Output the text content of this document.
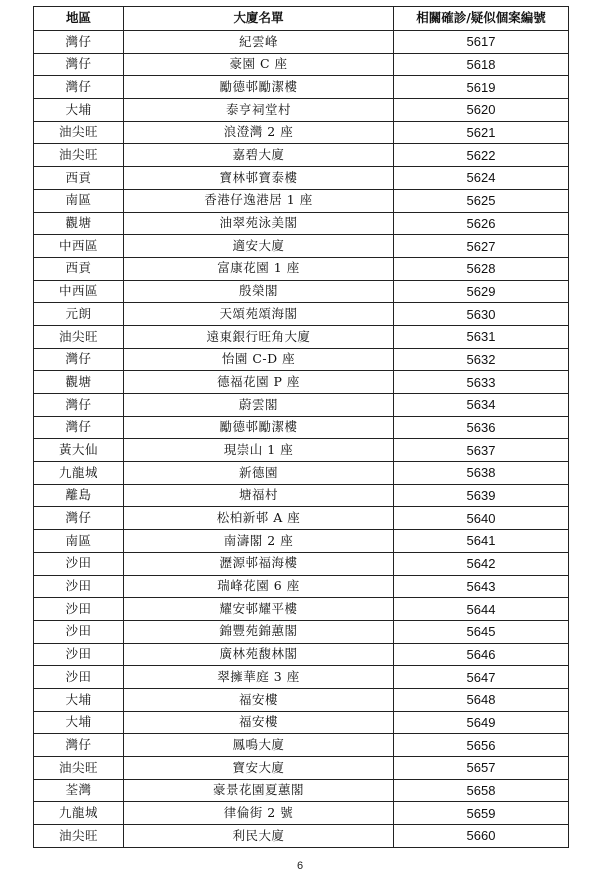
地區	大廈名單	相關確診/疑似個案編號
灣仔	紀雲峰	5617
灣仔	豪園 C 座	5618
灣仔	勵德邨勵潔樓	5619
大埔	泰亨祠堂村	5620
油尖旺	浪澄灣 2 座	5621
油尖旺	嘉碧大廈	5622
西貢	寶林邨寶泰樓	5624
南區	香港仔逸港居 1 座	5625
觀塘	油翠苑泳美閣	5626
中西區	適安大廈	5627
西貢	富康花園 1 座	5628
中西區	殷榮閣	5629
元朗	天頌苑頌海閣	5630
油尖旺	遠東銀行旺角大廈	5631
灣仔	怡園 C-D 座	5632
觀塘	德福花園 P 座	5633
灣仔	蔚雲閣	5634
灣仔	勵德邨勵潔樓	5636
黃大仙	現崇山 1 座	5637
九龍城	新德園	5638
離島	塘福村	5639
灣仔	松柏新邨 A 座	5640
南區	南濤閣 2 座	5641
沙田	瀝源邨福海樓	5642
沙田	瑞峰花園 6 座	5643
沙田	耀安邨耀平樓	5644
沙田	錦豐苑錦蕙閣	5645
沙田	廣林苑馥林閣	5646
沙田	翠擁華庭 3 座	5647
大埔	福安樓	5648
大埔	福安樓	5649
灣仔	鳳鳴大廈	5656
油尖旺	寶安大廈	5657
荃灣	豪景花園夏蕙閣	5658
九龍城	律倫街 2 號	5659
油尖旺	利民大廈	5660
6
